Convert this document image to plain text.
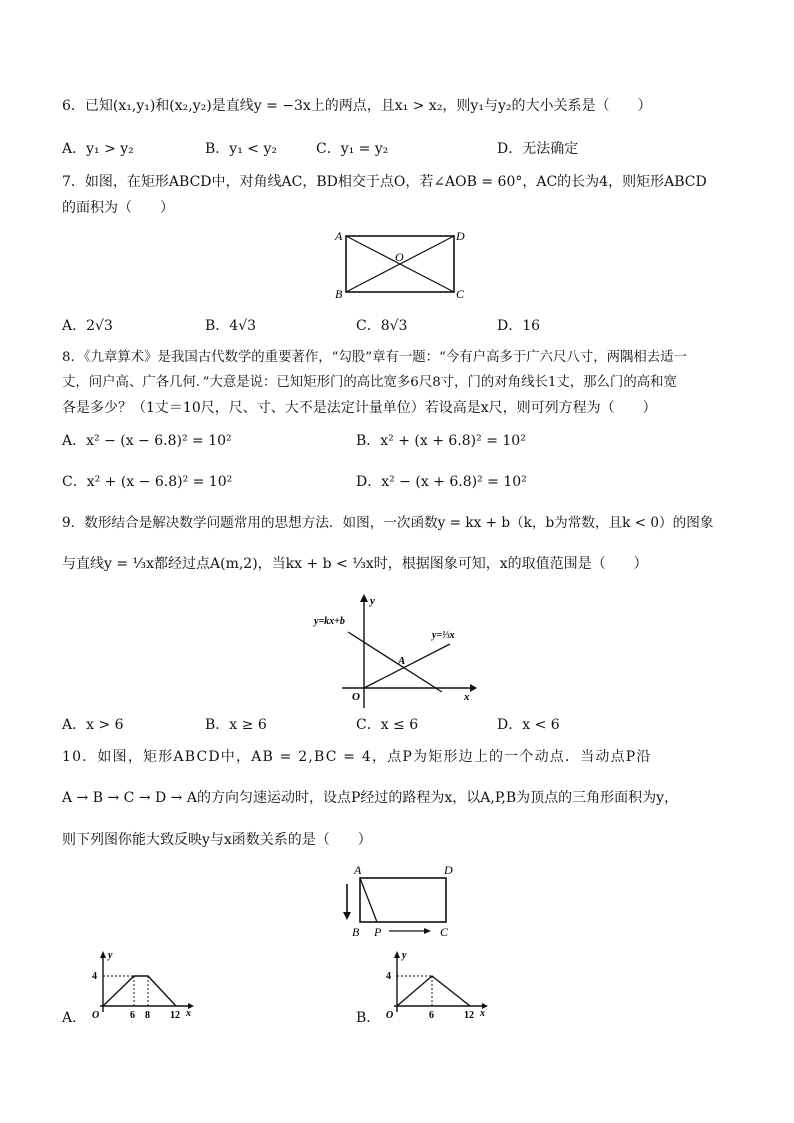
6．已知(x₁,y₁)和(x₂,y₂)是直线y = −3x上的两点，且x₁ > x₂，则y₁与y₂的大小关系是（　　）
A．y₁ > y₂	B．y₁ < y₂	C．y₁ = y₂	D．无法确定
7．如图，在矩形ABCD中，对角线AC，BD相交于点O，若∠AOB = 60°，AC的长为4，则矩形ABCD
的面积为（　　）
A	D
B	C
O
A．2√3	B．4√3	C．8√3	D．16
8．《九章算术》是我国古代数学的重要著作，“勾股”章有一题：“今有户高多于广六尺八寸，两隅相去适一
丈，问户高、广各几何．”大意是说：已知矩形门的高比宽多6尺8寸，门的对角线长1丈，那么门的高和宽
各是多少？（1丈＝10尺，尺、寸、大不是法定计量单位）若设高是x尺，则可列方程为（　　）
A．x² − (x − 6.8)² = 10²	B．x² + (x + 6.8)² = 10²
C．x² + (x − 6.8)² = 10²	D．x² − (x + 6.8)² = 10²
9．数形结合是解决数学问题常用的思想方法．如图，一次函数y = kx + b（k，b为常数，且k < 0）的图象
与直线y = ⅓x都经过点A(m,2)，当kx + b < ⅓x时，根据图象可知，x的取值范围是（　　）
y=kx+b
y=⅓x
y
x
O
A
A．x > 6	B．x ≥ 6	C．x ≤ 6	D．x < 6
10．如图，矩形ABCD中，AB = 2,BC = 4，点P为矩形边上的一个动点．当动点P沿
A → B → C → D → A的方向匀速运动时，设点P经过的路程为x，以A,P,B为顶点的三角形面积为y，
则下列图你能大致反映y与x函数关系的是（　　）
A	D
B P	C
A．
y
4
O	6 8 12 x	B．
y
4
O	6	12 x
